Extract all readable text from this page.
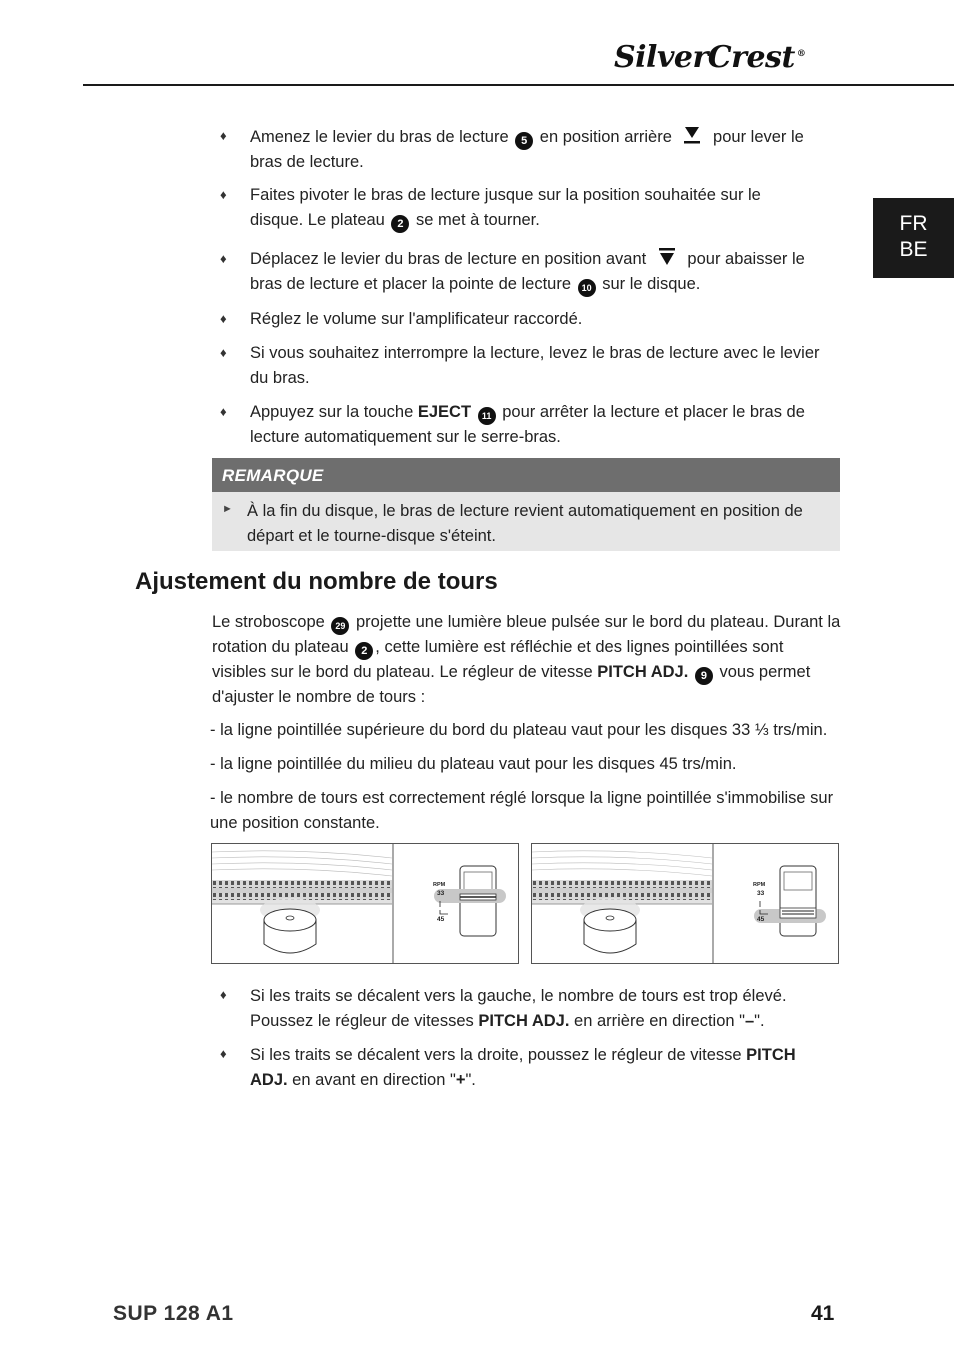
SilverCrest ®
FR
BE
♦ Amenez le levier du bras de lecture 5 en position arrière  pour lever le bras de lecture.
♦ Faites pivoter le bras de lecture jusque sur la position souhaitée sur le disque. Le plateau 2 se met à tourner.
♦ Déplacez le levier du bras de lecture en position avant  pour abaisser le bras de lecture et placer la pointe de lecture 10 sur le disque.
♦ Réglez le volume sur l'amplificateur raccordé.
♦ Si vous souhaitez interrompre la lecture, levez le bras de lecture avec le levier du bras.
♦ Appuyez sur la touche EJECT 11 pour arrêter la lecture et placer le bras de lecture automatiquement sur le serre-bras.
REMARQUE
► À la fin du disque, le bras de lecture revient automatiquement en position de départ et le tourne-disque s'éteint.
Ajustement du nombre de tours
Le stroboscope 29 projette une lumière bleue pulsée sur le bord du plateau. Durant la rotation du plateau 2 , cette lumière est réfléchie et des lignes pointillées sont visibles sur le bord du plateau. Le régleur de vitesse PITCH ADJ. 9 vous permet d'ajuster le nombre de tours :
- la ligne pointillée supérieure du bord du plateau vaut pour les disques 33 ⅓ trs/min.
- la ligne pointillée du milieu du plateau vaut pour les disques 45 trs/min.
- le nombre de tours est correctement réglé lorsque la ligne pointillée s'immobilise sur une position constante.
RPM
33
45
RPM
33
45
♦ Si les traits se décalent vers la gauche, le nombre de tours est trop élevé. Poussez le régleur de vitesses PITCH ADJ. en arrière en direction "–".
♦ Si les traits se décalent vers la droite, poussez le régleur de vitesse PITCH ADJ. en avant en direction "+".
SUP 128 A1	41
